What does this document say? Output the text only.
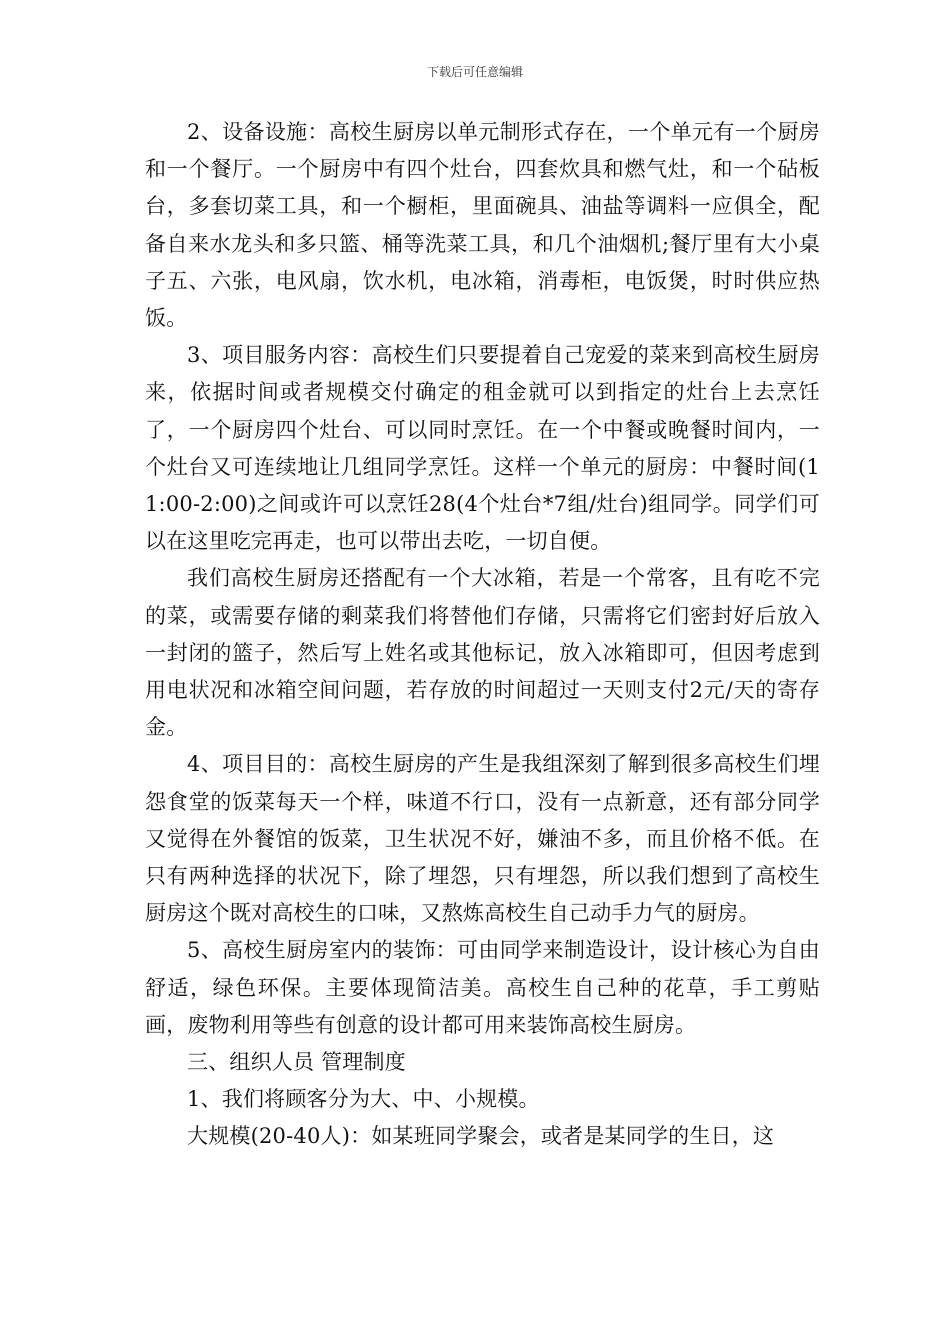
下载后可任意编辑

2、设备设施：高校生厨房以单元制形式存在，一个单元有一个厨房和一个餐厅。一个厨房中有四个灶台，四套炊具和燃气灶，和一个砧板台，多套切菜工具，和一个橱柜，里面碗具、油盐等调料一应俱全，配备自来水龙头和多只篮、桶等洗菜工具，和几个油烟机;餐厅里有大小桌子五、六张，电风扇，饮水机，电冰箱，消毒柜，电饭煲，时时供应热饭。

3、项目服务内容：高校生们只要提着自己宠爱的菜来到高校生厨房来，依据时间或者规模交付确定的租金就可以到指定的灶台上去烹饪了，一个厨房四个灶台、可以同时烹饪。在一个中餐或晚餐时间内，一个灶台又可连续地让几组同学烹饪。这样一个单元的厨房：中餐时间(11:00-2:00)之间或许可以烹饪28(4个灶台*7组/灶台)组同学。同学们可以在这里吃完再走，也可以带出去吃，一切自便。

我们高校生厨房还搭配有一个大冰箱，若是一个常客，且有吃不完的菜，或需要存储的剩菜我们将替他们存储，只需将它们密封好后放入一封闭的篮子，然后写上姓名或其他标记，放入冰箱即可，但因考虑到用电状况和冰箱空间问题，若存放的时间超过一天则支付2元/天的寄存金。

4、项目目的：高校生厨房的产生是我组深刻了解到很多高校生们埋怨食堂的饭菜每天一个样，味道不行口，没有一点新意，还有部分同学又觉得在外餐馆的饭菜，卫生状况不好，嫌油不多，而且价格不低。在只有两种选择的状况下，除了埋怨，只有埋怨，所以我们想到了高校生厨房这个既对高校生的口味，又熬炼高校生自己动手力气的厨房。

5、高校生厨房室内的装饰：可由同学来制造设计，设计核心为自由舒适，绿色环保。主要体现简洁美。高校生自己种的花草，手工剪贴画，废物利用等些有创意的设计都可用来装饰高校生厨房。

三、组织人员 管理制度

1、我们将顾客分为大、中、小规模。

大规模(20-40人)：如某班同学聚会，或者是某同学的生日，这
